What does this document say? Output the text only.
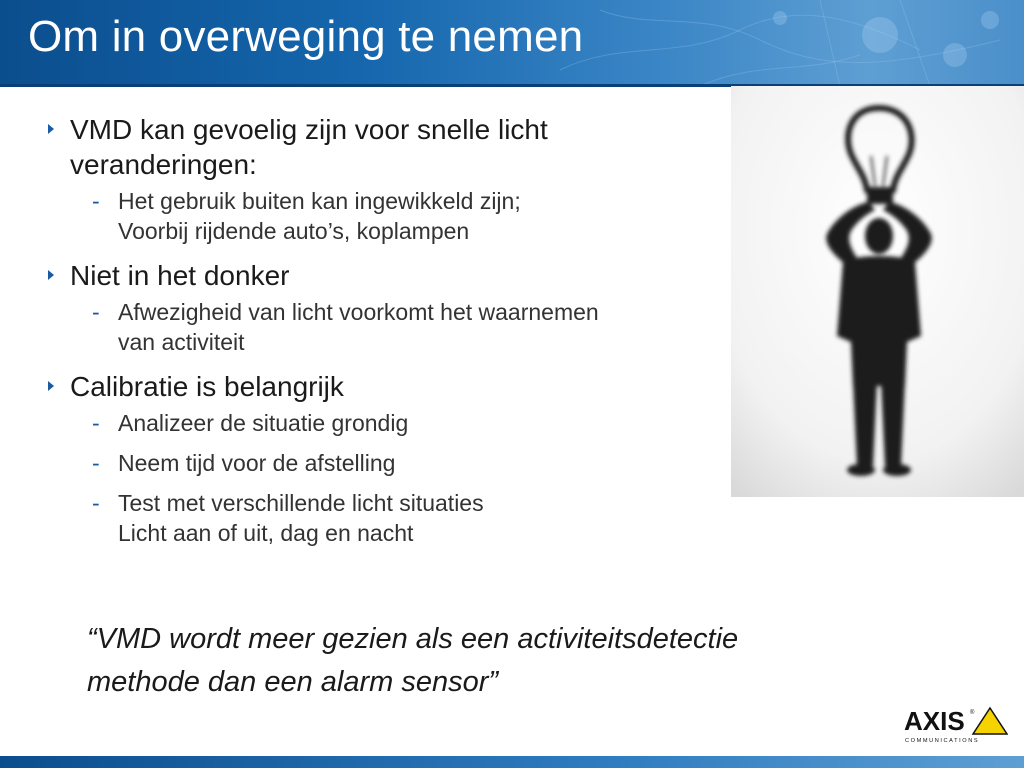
Om in overweging te nemen
VMD kan gevoelig zijn voor snelle licht
veranderingen:
- Het gebruik buiten kan ingewikkeld zijn;
Voorbij rijdende auto’s, koplampen
Niet in het donker
- Afwezigheid van licht voorkomt het waarnemen
van activiteit
Calibratie is belangrijk
- Analizeer de situatie grondig
- Neem tijd voor de afstelling
- Test met verschillende licht situaties
Licht aan of uit, dag en nacht
“VMD wordt meer gezien als een activiteitsdetectie
methode dan een alarm sensor”
AXIS ®
COMMUNICATIONS
